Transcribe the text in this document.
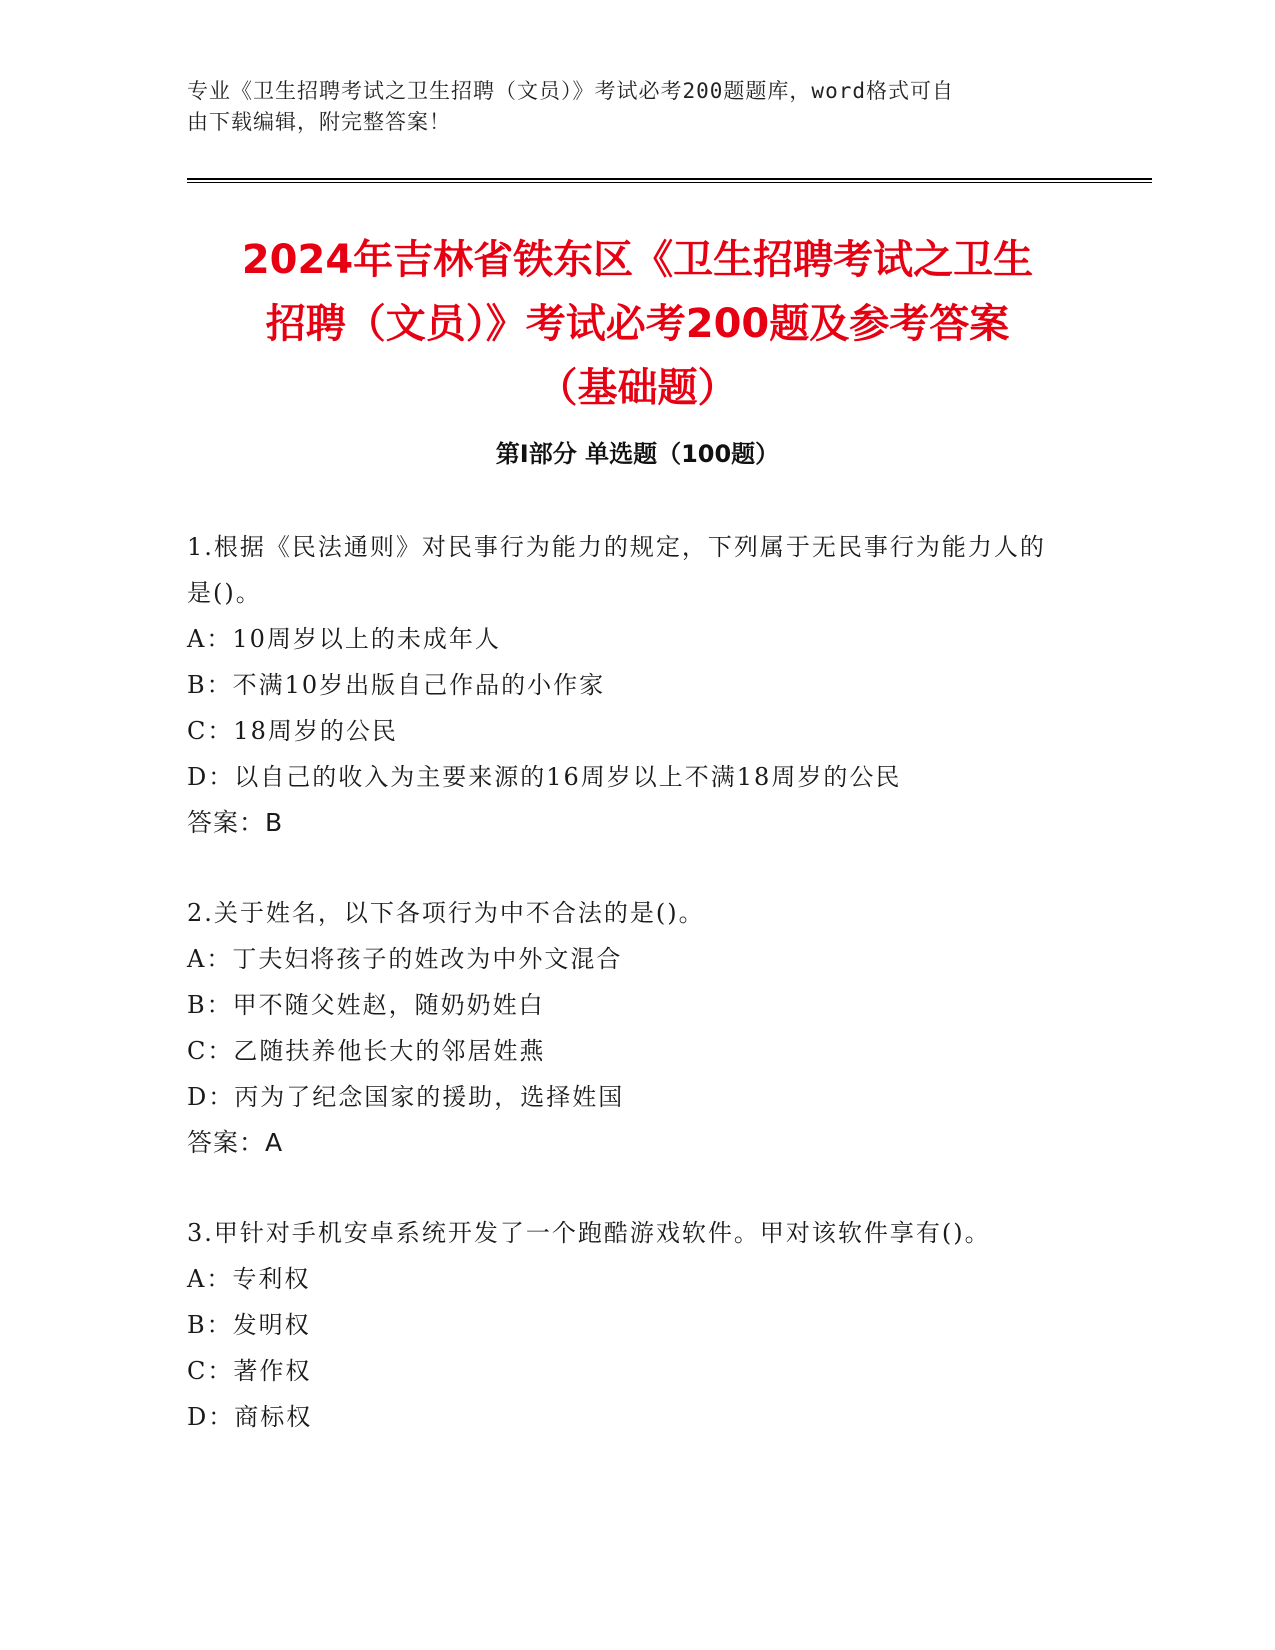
专业《卫生招聘考试之卫生招聘（文员）》考试必考200题题库，word格式可自
由下载编辑，附完整答案！
2024年吉林省铁东区《卫生招聘考试之卫生
招聘（文员）》考试必考200题及参考答案
（基础题）
第I部分 单选题（100题）

1.根据《民法通则》对民事行为能力的规定，下列属于无民事行为能力人的是()。

A：10周岁以上的未成年人

B：不满10岁出版自己作品的小作家

C：18周岁的公民

D：以自己的收入为主要来源的16周岁以上不满18周岁的公民

答案：B

2.关于姓名，以下各项行为中不合法的是()。

A：丁夫妇将孩子的姓改为中外文混合

B：甲不随父姓赵，随奶奶姓白

C：乙随扶养他长大的邻居姓燕

D：丙为了纪念国家的援助，选择姓国

答案：A

3.甲针对手机安卓系统开发了一个跑酷游戏软件。甲对该软件享有()。

A：专利权

B：发明权

C：著作权

D：商标权
